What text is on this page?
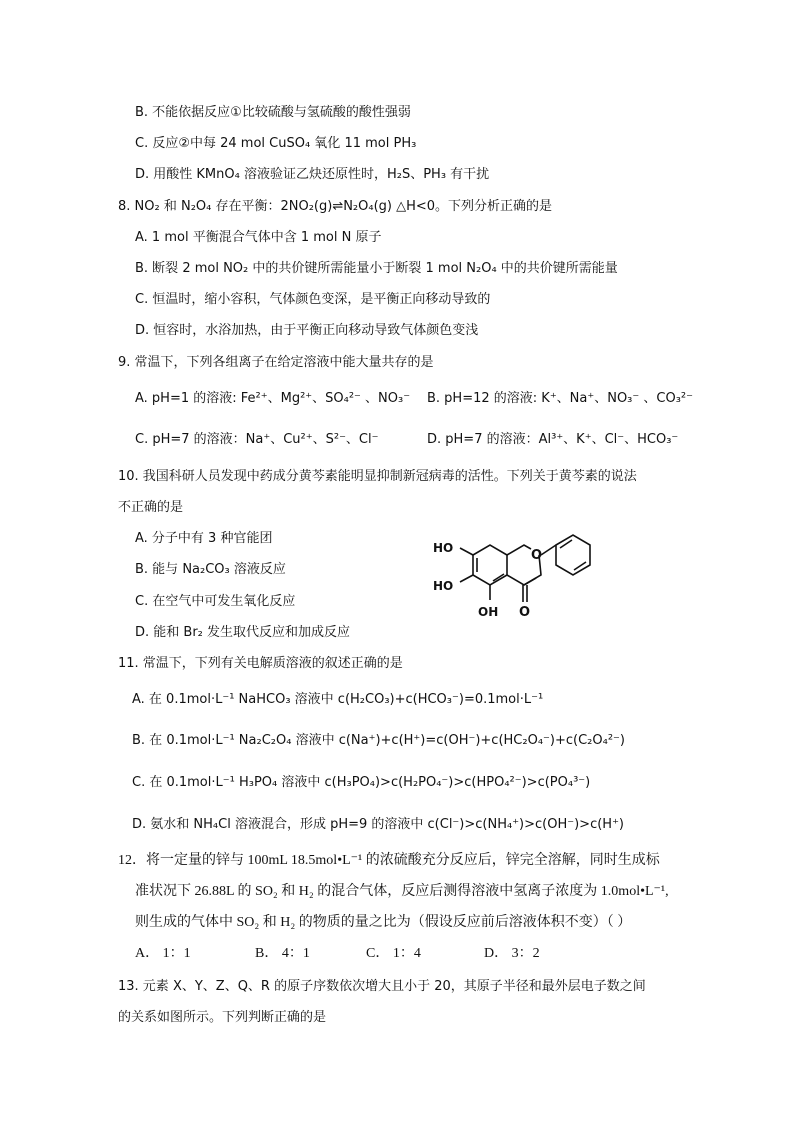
B. 不能依据反应①比较硫酸与氢硫酸的酸性强弱
C. 反应②中每 24 mol CuSO₄ 氧化 11 mol PH₃
D. 用酸性 KMnO₄ 溶液验证乙炔还原性时，H₂S、PH₃ 有干扰
8. NO₂ 和 N₂O₄ 存在平衡：2NO₂(g)⇌N₂O₄(g) △H<0。下列分析正确的是
A. 1 mol 平衡混合气体中含 1 mol N 原子
B. 断裂 2 mol NO₂ 中的共价键所需能量小于断裂 1 mol N₂O₄ 中的共价键所需能量
C. 恒温时，缩小容积，气体颜色变深，是平衡正向移动导致的
D. 恒容时，水浴加热，由于平衡正向移动导致气体颜色变浅
9. 常温下，下列各组离子在给定溶液中能大量共存的是
A. pH=1 的溶液: Fe²⁺、Mg²⁺、SO₄²⁻ 、NO₃⁻ B. pH=12 的溶液: K⁺、Na⁺、NO₃⁻ 、CO₃²⁻
C. pH=7 的溶液：Na⁺、Cu²⁺、S²⁻、Cl⁻	D. pH=7 的溶液：Al³⁺、K⁺、Cl⁻、HCO₃⁻
10. 我国科研人员发现中药成分黄芩素能明显抑制新冠病毒的活性。下列关于黄芩素的说法
不正确的是
A. 分子中有 3 种官能团
B. 能与 Na₂CO₃ 溶液反应
C. 在空气中可发生氧化反应
D. 能和 Br₂ 发生取代反应和加成反应
O
O
HO
HO
OH
11. 常温下，下列有关电解质溶液的叙述正确的是
A. 在 0.1mol·L⁻¹ NaHCO₃ 溶液中 c(H₂CO₃)+c(HCO₃⁻)=0.1mol·L⁻¹
B. 在 0.1mol·L⁻¹ Na₂C₂O₄ 溶液中 c(Na⁺)+c(H⁺)=c(OH⁻)+c(HC₂O₄⁻)+c(C₂O₄²⁻)
C. 在 0.1mol·L⁻¹ H₃PO₄ 溶液中 c(H₃PO₄)>c(H₂PO₄⁻)>c(HPO₄²⁻)>c(PO₄³⁻)
D. 氨水和 NH₄Cl 溶液混合，形成 pH=9 的溶液中 c(Cl⁻)>c(NH₄⁺)>c(OH⁻)>c(H⁺)
12．将一定量的锌与 100mL 18.5mol•L⁻¹ 的浓硫酸充分反应后，锌完全溶解，同时生成标
准状况下 26.88L 的 SO₂ 和 H₂ 的混合气体，反应后测得溶液中氢离子浓度为 1.0mol•L⁻¹,
则生成的气体中 SO₂ 和 H₂ 的物质的量之比为（假设反应前后溶液体积不变）（ ）
A． 1：1	B． 4：1	C． 1：4	D． 3：2
13. 元素 X、Y、Z、Q、R 的原子序数依次增大且小于 20，其原子半径和最外层电子数之间
的关系如图所示。下列判断正确的是
